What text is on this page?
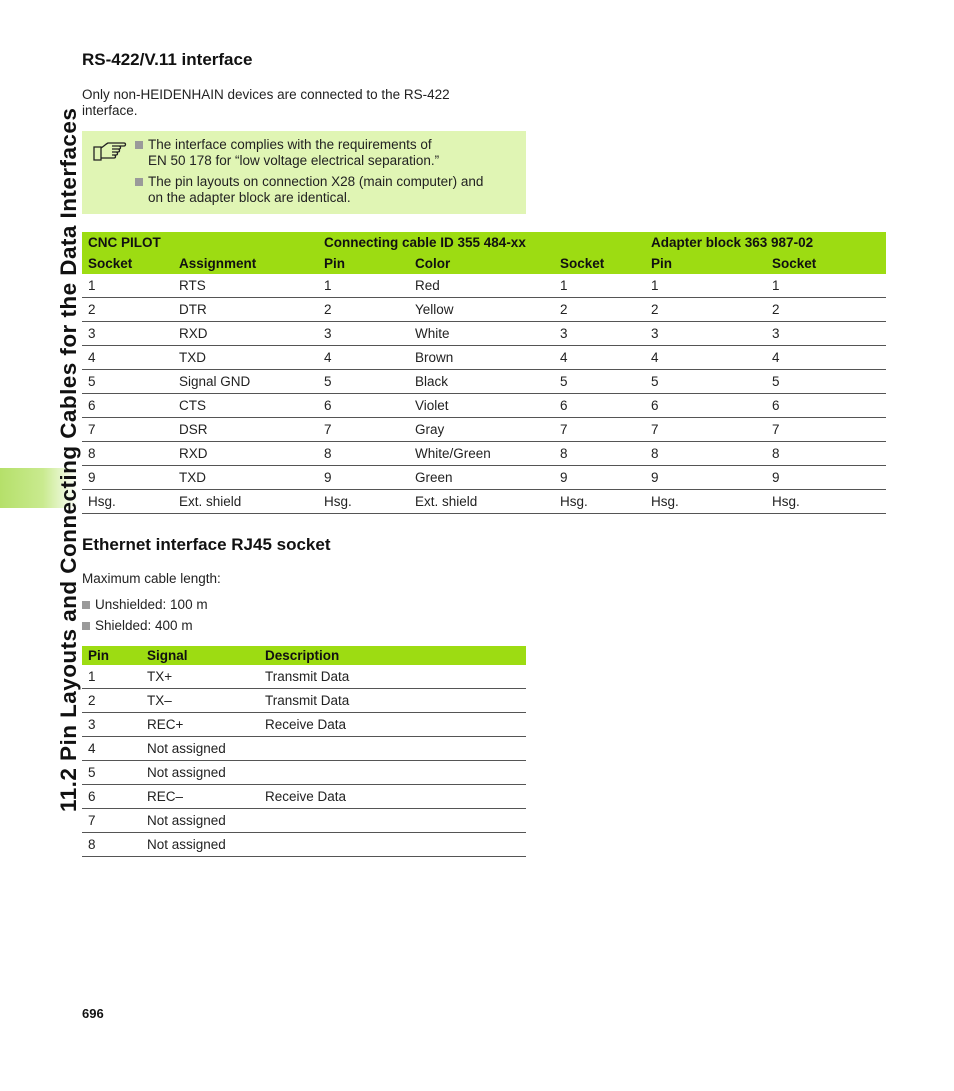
11.2 Pin Layouts and Connecting Cables for the Data Interfaces
RS-422/V.11 interface

Only non-HEIDENHAIN devices are connected to the RS-422

interface.

The interface complies with the requirements of
EN 50 178 for “low voltage electrical separation.”
The pin layouts on connection X28 (main computer) and
on the adapter block are identical.
CNC PILOT		Connecting cable ID 355 484-xx			Adapter block 363 987-02	
Socket	Assignment	Pin	Color	Socket	Pin	Socket
1	RTS	1	Red	1	1	1
2	DTR	2	Yellow	2	2	2
3	RXD	3	White	3	3	3
4	TXD	4	Brown	4	4	4
5	Signal GND	5	Black	5	5	5
6	CTS	6	Violet	6	6	6
7	DSR	7	Gray	7	7	7
8	RXD	8	White/Green	8	8	8
9	TXD	9	Green	9	9	9
Hsg.	Ext. shield	Hsg.	Ext. shield	Hsg.	Hsg.	Hsg.
Ethernet interface RJ45 socket

Maximum cable length:

Unshielded: 100 m
Shielded: 400 m
Pin	Signal	Description
1	TX+	Transmit Data
2	TX–	Transmit Data
3	REC+	Receive Data
4	Not assigned	
5	Not assigned	
6	REC–	Receive Data
7	Not assigned	
8	Not assigned	
696
